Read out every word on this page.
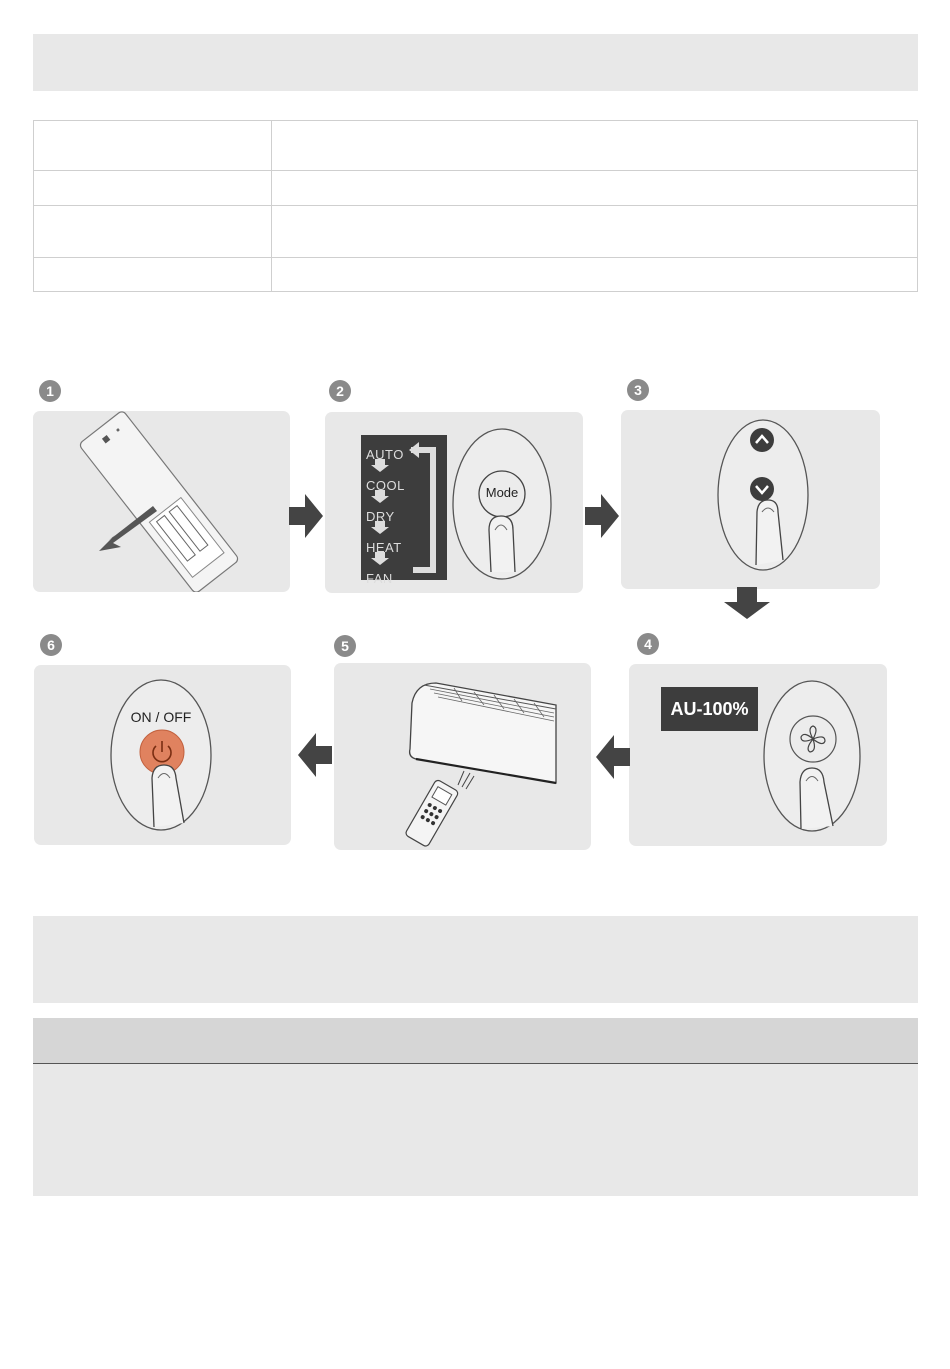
1	2
AUTO
COOL
DRY
HEAT
FAN
Mode
3
4
AU-100%
5
6
ON / OFF
